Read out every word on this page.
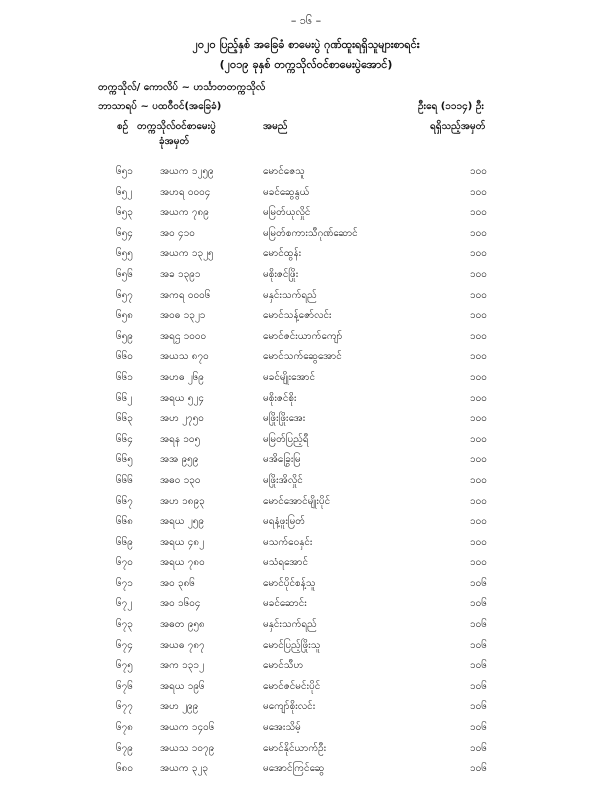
– ၁၆ –
၂၀၂၀ ပြည့်နှစ် အခြေခံ စာမေးပွဲ ဂုဏ်ထူးရရှိသူများစာရင်း
(၂၀၁၉ ခုနှစ် တက္ကသိုလ်ဝင်စာမေးပွဲအောင်)
တက္ကသိုလ်/ ကောလိပ် ~ ဟင်္သာတတက္ကသိုလ်
ဘာသာရပ် ~ ပထဝီဝင်(အခြေခံ)	ဦးရေ (၁၁၁၄) ဦး
စဉ် တက္ကသိုလ်ဝင်စာမေးပွဲ
ခုံအမှတ်
အမည်	ရရှိသည့်အမှတ်
၆၅၁	အယက ၁၂၅၉	မောင်ဇေသူ	၁၀၀
၆၅၂	အဟရ ၀၀၀၄	မခင်ဆွေနွယ်	၁၀၀
၆၅၃	အယက ၇၈၉	မမြတ်ယုလှိုင်	၁၀၀
၆၅၄	အဝ ၄၁၀	မမြတ်စကားသီဂုဏ်ဆောင်	၁၀၀
၆၅၅	အယက ၁၃၂၅	မောင်ထွန်း	၁၀၀
၆၅၆	အခ ၁၃၉၁	မစိုးဇင်ဖြိုး	၁၀၀
၆၅၇	အကရ ၀၀၀၆	မနှင်းသက်ရည်	၁၀၀
၆၅၈	အဝဓ ၁၃၂၁	မောင်သန့်ဇော်လင်း	၁၀၀
၆၅၉	အရဌ ၁၀၀၀	မောင်ဇင်းယာက်ကျော်	၁၀၀
၆၆၀	အယသ ၈၇၀	မောင်သက်ဆွေအောင်	၁၀၀
၆၆၁	အဟဓ ၂၆၉	မခင်မျိုးအောင်	၁၀၀
၆၆၂	အရယ ၅၂၄	မစိုးဇင်စိုး	၁၀၀
၆၆၃	အဟ ၂၇၅၀	မဖြိုးဖြိုးအေး	၁၀၀
၆၆၄	အရန ၁၀၅	မမြတ်ပြည့်ရီ	၁၀၀
၆၆၅	အအ ၉၅၉	မအိခြွေးမြ	၁၀၀
၆၆၆	အဓဝ ၁၃၀	မဖြိုးအိလှိုင်	၁၀၀
၆၆၇	အဟ ၁၈၉၃	မောင်အောင်မျိုးပိုင်	၁၀၀
၆၆၈	အရယ ၂၅၉	မရနံ့ဖူးမြတ်	၁၀၀
၆၆၉	အရယ ၄၈၂	မသက်ဝေနှင်း	၁၀၀
၆၇၀	အရယ ၇၈၀	မသံရအောင်	၁၀၀
၆၇၁	အဝ ၃၈၆	မောင်ပိုင်စန့်သူ	၁၀၆
၆၇၂	အဝ ၁၆၀၄	မခင်ဆောင်း	၁၀၆
၆၇၃	အဓတ ၉၅၈	မနှင်းသက်ရည်	၁၀၆
၆၇၄	အယဓ ၇၈၇	မောင်ပြည့်ဖြိုးသူ	၁၀၆
၆၇၅	အက ၁၃၁၂	မောင်သီဟ	၁၀၆
၆၇၆	အရယ ၁၉၆	မောင်ဇင်မင်းပိုင်	၁၀၆
၆၇၇	အဟ ၂၉၉	မကျော်စိုးလင်း	၁၀၆
၆၇၈	အယက ၁၄၀၆	မအေးသိမ့်	၁၀၆
၆၇၉	အယသ ၁၀၇၉	မောင်နိုင်ယာက်ဦး	၁၀၆
၆၈၀	အယက ၃၂၃	မအောင်ကြင်ဆွေ	၁၀၆
